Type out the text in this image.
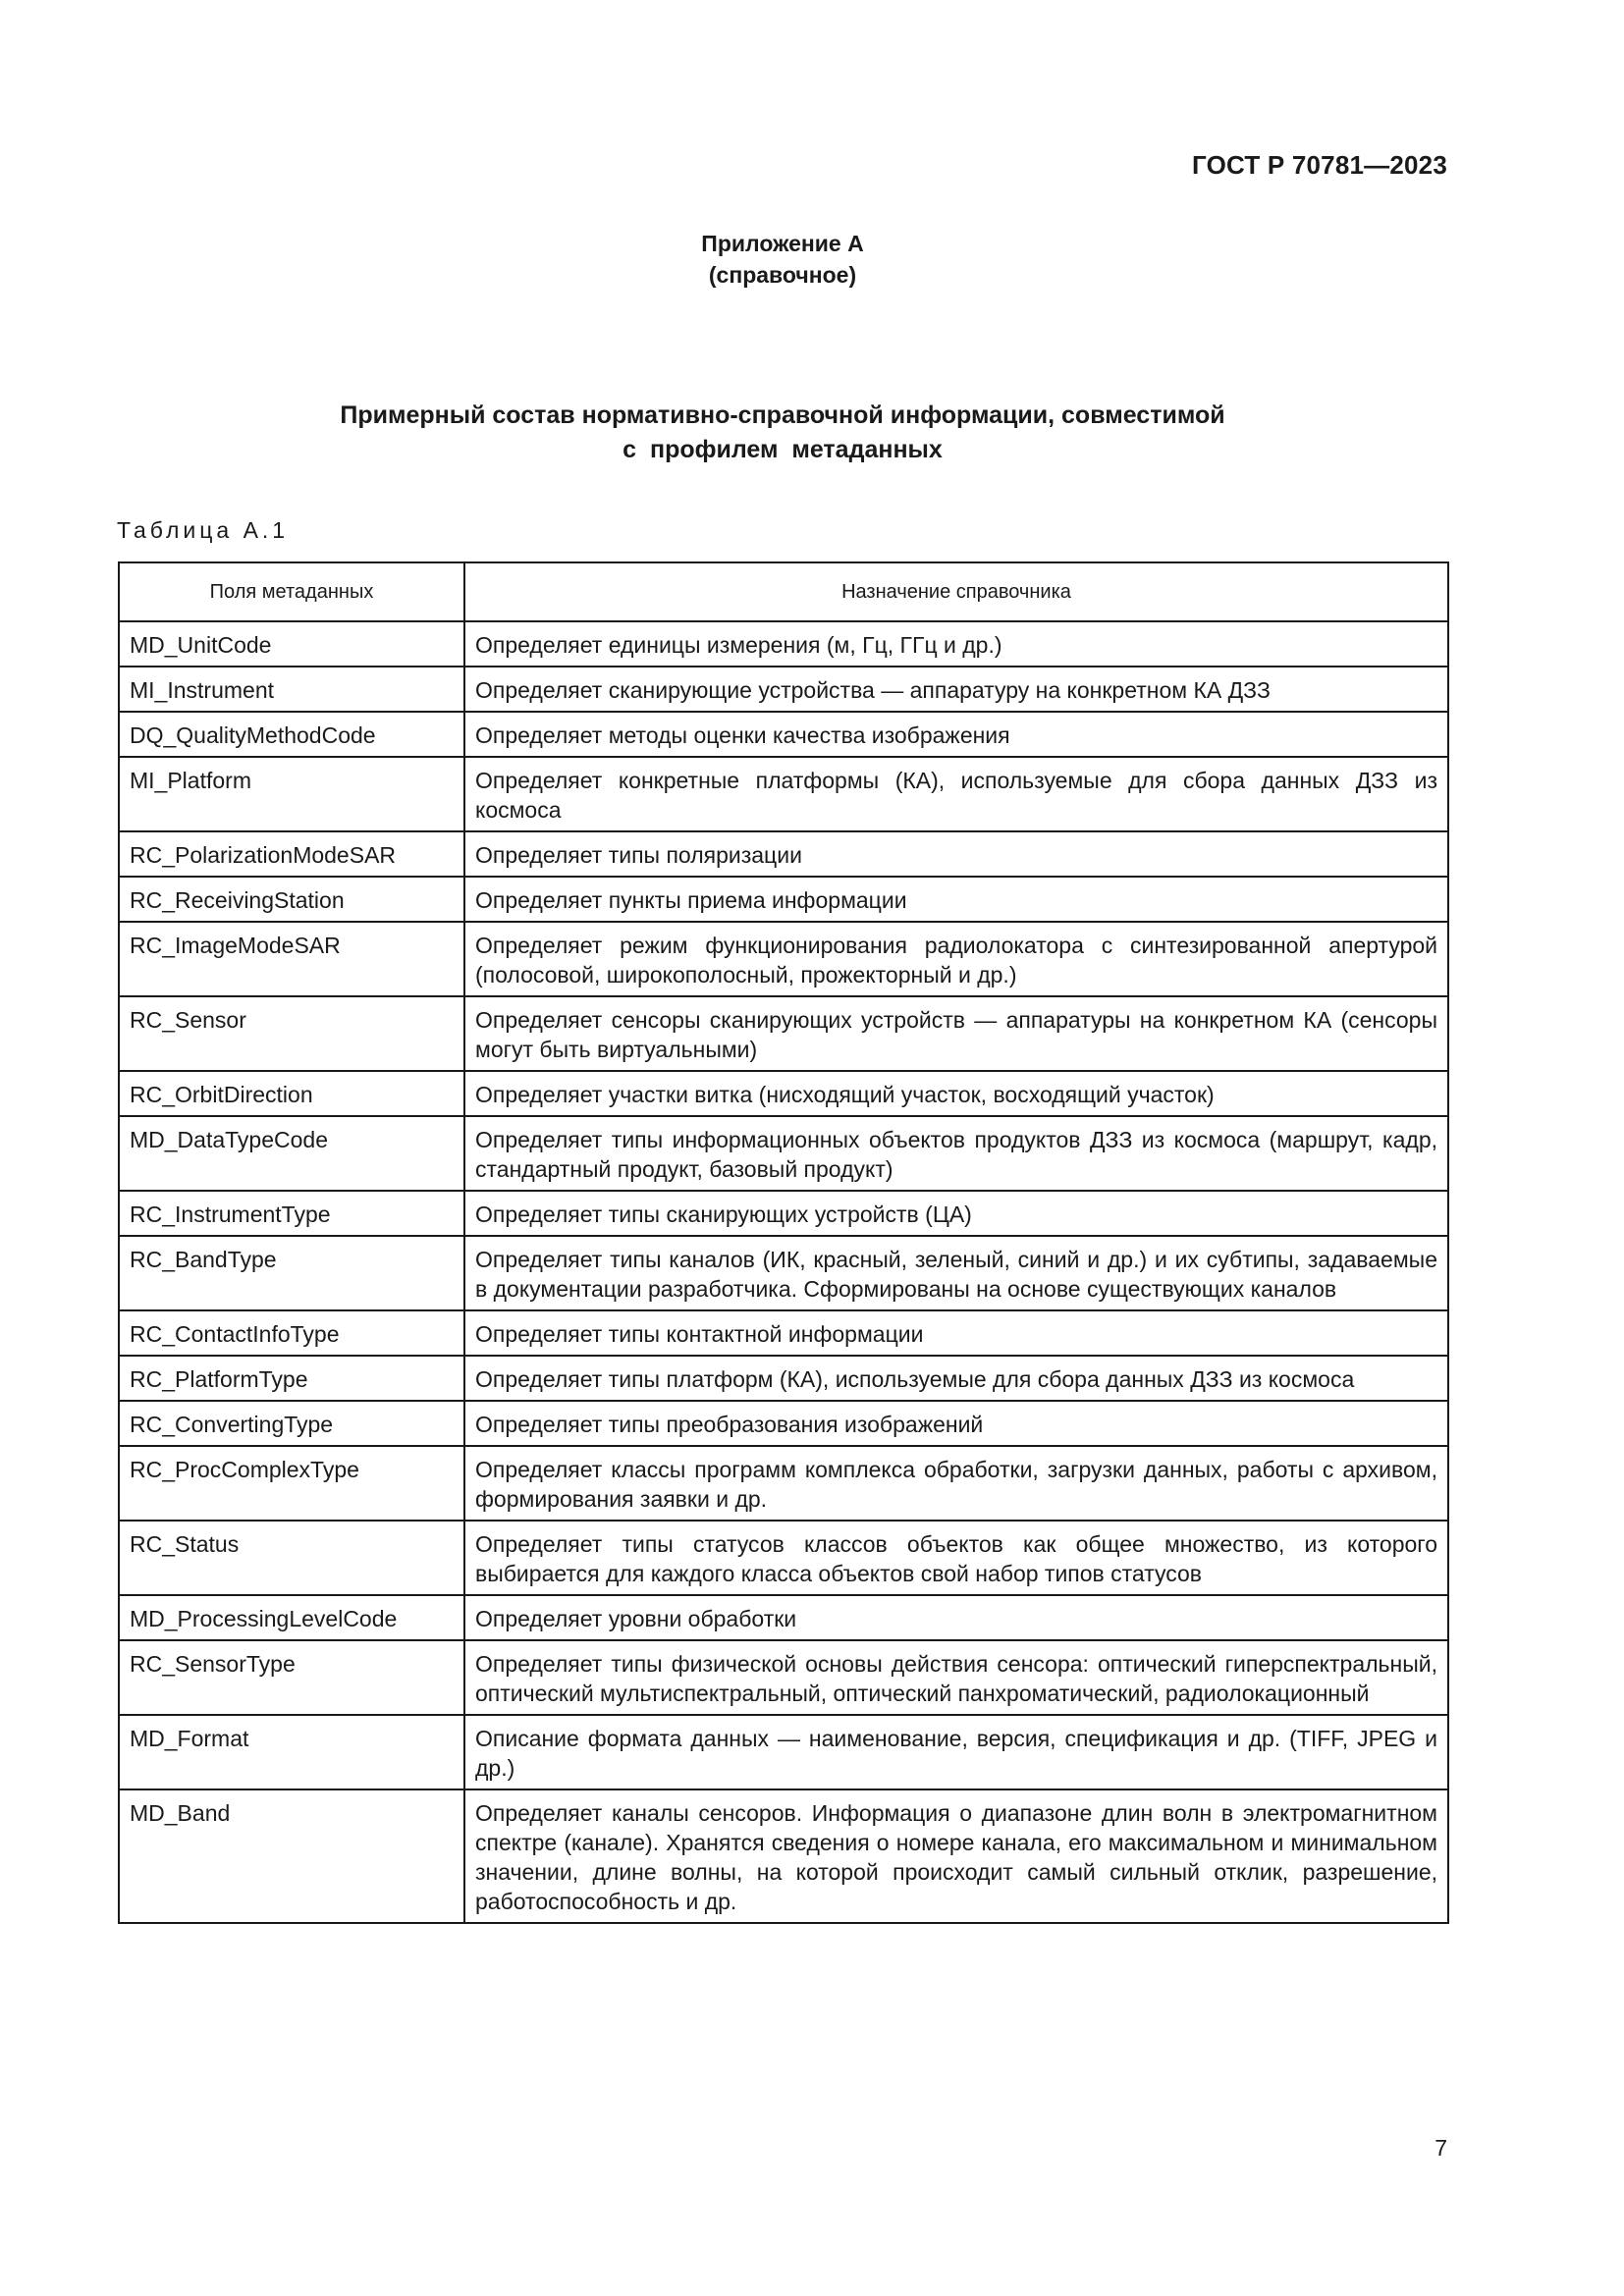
ГОСТ Р 70781—2023
Приложение А
(справочное)
Примерный состав нормативно-справочной информации, совместимой
с  профилем  метаданных
Таблица А.1
Поля метаданных	Назначение справочника
MD_UnitCode	Определяет единицы измерения (м, Гц, ГГц и др.)
MI_Instrument	Определяет сканирующие устройства — аппаратуру на конкретном КА ДЗЗ
DQ_QualityMethodCode	Определяет методы оценки качества изображения
MI_Platform	Определяет конкретные платформы (КА), используемые для сбора данных ДЗЗ из космоса
RC_PolarizationModeSAR	Определяет типы поляризации
RC_ReceivingStation	Определяет пункты приема информации
RC_ImageModeSAR	Определяет режим функционирования радиолокатора с синтезированной апертурой (полосовой, широкополосный, прожекторный и др.)
RC_Sensor	Определяет сенсоры сканирующих устройств — аппаратуры на конкретном КА (сенсоры могут быть виртуальными)
RC_OrbitDirection	Определяет участки витка (нисходящий участок, восходящий участок)
MD_DataTypeCode	Определяет типы информационных объектов продуктов ДЗЗ из космоса (маршрут, кадр, стандартный продукт, базовый продукт)
RC_InstrumentType	Определяет типы сканирующих устройств (ЦА)
RC_BandType	Определяет типы каналов (ИК, красный, зеленый, синий и др.) и их субтипы, задаваемые в документации разработчика. Сформированы на основе существующих каналов
RC_ContactInfoType	Определяет типы контактной информации
RC_PlatformType	Определяет типы платформ (КА), используемые для сбора данных ДЗЗ из космоса
RC_ConvertingType	Определяет типы преобразования изображений
RC_ProcComplexType	Определяет классы программ комплекса обработки, загрузки данных, работы с архивом, формирования заявки и др.
RC_Status	Определяет типы статусов классов объектов как общее множество, из которого выбирается для каждого класса объектов свой набор типов статусов
MD_ProcessingLevelCode	Определяет уровни обработки
RC_SensorType	Определяет типы физической основы действия сенсора: оптический гиперспектральный, оптический мультиспектральный, оптический панхроматический, радиолокационный
MD_Format	Описание формата данных — наименование, версия, спецификация и др. (TIFF, JPEG и др.)
MD_Band	Определяет каналы сенсоров. Информация о диапазоне длин волн в электромагнитном спектре (канале). Хранятся сведения о номере канала, его максимальном и минимальном значении, длине волны, на которой происходит самый сильный отклик, разрешение, работоспособность и др.
7
